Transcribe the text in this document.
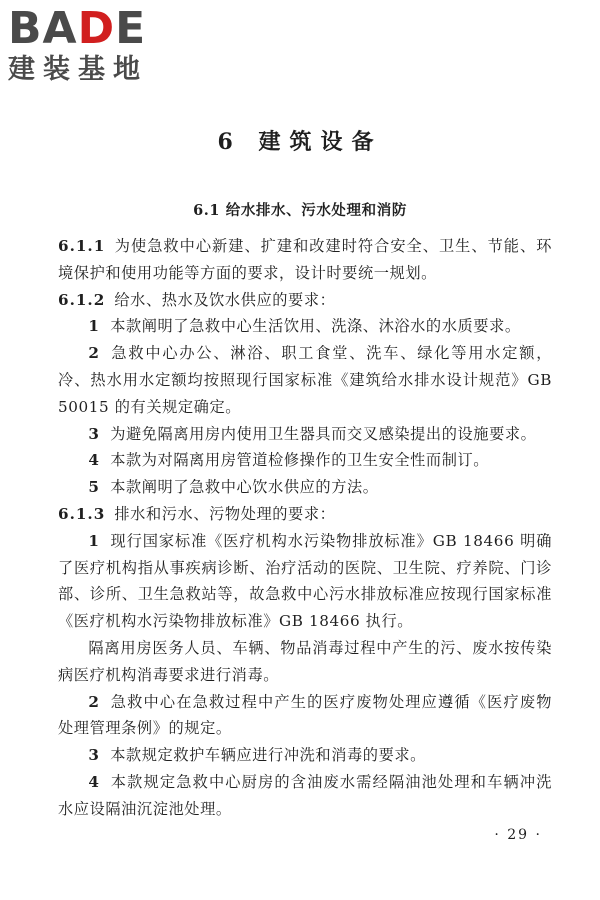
BADE
建装基地
6 建筑设备
6.1 给水排水、污水处理和消防

6.1.1 为使急救中心新建、扩建和改建时符合安全、卫生、节能、环境保护和使用功能等方面的要求，设计时要统一规划。

6.1.2 给水、热水及饮水供应的要求：

1 本款阐明了急救中心生活饮用、洗涤、沐浴水的水质要求。

2 急救中心办公、淋浴、职工食堂、洗车、绿化等用水定额，冷、热水用水定额均按照现行国家标准《建筑给水排水设计规范》GB 50015 的有关规定确定。

3 为避免隔离用房内使用卫生器具而交叉感染提出的设施要求。

4 本款为对隔离用房管道检修操作的卫生安全性而制订。

5 本款阐明了急救中心饮水供应的方法。

6.1.3 排水和污水、污物处理的要求：

1 现行国家标准《医疗机构水污染物排放标准》GB 18466 明确了医疗机构指从事疾病诊断、治疗活动的医院、卫生院、疗养院、门诊部、诊所、卫生急救站等，故急救中心污水排放标准应按现行国家标准《医疗机构水污染物排放标准》GB 18466 执行。

隔离用房医务人员、车辆、物品消毒过程中产生的污、废水按传染病医疗机构消毒要求进行消毒。

2 急救中心在急救过程中产生的医疗废物处理应遵循《医疗废物处理管理条例》的规定。

3 本款规定救护车辆应进行冲洗和消毒的要求。

4 本款规定急救中心厨房的含油废水需经隔油池处理和车辆冲洗水应设隔油沉淀池处理。

· 29 ·
